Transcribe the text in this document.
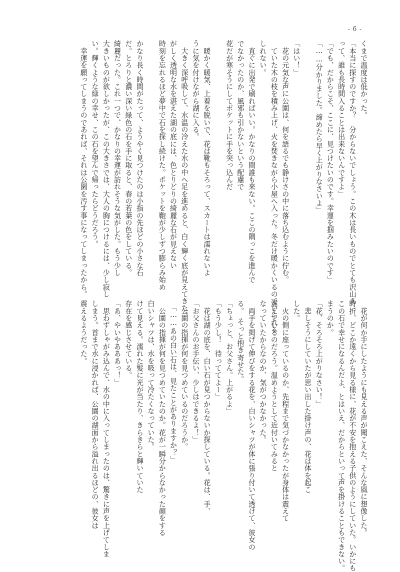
- 6 -
くまで温度は低かった。
「本当に探すのですか？　分からないでしょう。この木は長いものでとても沢山あ
って、誰も長時間入ることは出来ないんですよ」
「でも、だからこそ、ここに、見つけたいのです。幸運を掴みたいのです」
「……分かりました。諦めたら早く上がりなさいよ」

「はい！」
　花の元気な声に公園は、何を語るでも静けさの中に落ち込むように佇む。
　ていた木の枝を積み上げ、火を焚きながら小屋へ入った。冬だけ暖かくいるのでいられる
しれない。
　直ぐに出発で刷ればいい。かなりの間誰も来ない。ここの隅っこを進んで
でなかったのか、風邪も引かないという配慮で
花だが寒そうにしてポケットに手を突っ込んだ

　暖かく暖気、上着を脱いで、花は靴もそろって、スカートは濡れないよ
うに気を付けながら湖に入る。
　大きく深呼吸して、水温の冷えた水の中へ足を進めると、白く輝く底が見えてきた。
がしく透明な水を湛えた湖の底には、色とりどりの綺麗な石が見えない
時刻を忘れるほど夢中で石を探し続けた。ポケットを鞄が少しずつ膨らみ始め

かなり長く時間がたって、ようやく見つけたのは小指の先ほどの小さな石
だ。とろりと濃い深い緑色の石を手に取ると、春の若葉の色をしている。
綺麗だった。これ一つで、かなりの幸運が訪れそうな気がした。もう少し
大きいものが欲しかったが、この大きさでは、大人の胸につけるには、少し寂し
い。輝くような緑の幸せ、この石を望んで帰ったらどうだろう。
　幸運を願ってしまうのであれば、それは公園を汚す事になってしまったから。
　花が何か手にしたようにも見える声が聞こえた、そんな風に想像した。
時折、どこか遠くから見る様に、花が不安を抱える子供のようにしていた。いかにも
この石で幸せになるんだよ、とはいえ、だからといって声を掛けることもできない。
まうのか。
「花、そろそろ上がりなさい！」
　悲しそうにしていたが思い出した掛け声の、花は体を起こ
した。
　火の側に座っているのか、先程まで気づかなかったが身体は震えて
震えているのだろう。温めようとして近付いてみると
なっていたからなのか、気がつかなかった。
　両手を掲げて伸びをする花を、白いシャツが体に張り付いて透けて、彼女の
る。　そっと抱き寄せた。
「ちょっと、お父さん。上がるよ」
「もう少し！　待っててよー」
　花は湖の底を、白い石が見つからないか探している。花は、手、
「お父さんのお手伝い、少しはできるよ！」
　公園の指揮が何を見つめているのだろうか。
　「……あの白い石は、見たことがありますか？」
　公園の指揮が何を見つめていたのか。花が一瞬分からなかった顔をする
白いシャツは、水を吸って冷たくなっていた。
けて見える。濡れた髪に光が当たり、きらきらと輝いていた
存在を感じさせている。
「あ、やいやあああっ！」
　思わずしゃがみ込んで、水の中に入ってしまったのは、驚きに声を上げてしま
しまう。首まで水に浸かれば、公園の湖面から溢れ出るほどの、彼女は
震えるようだった。
